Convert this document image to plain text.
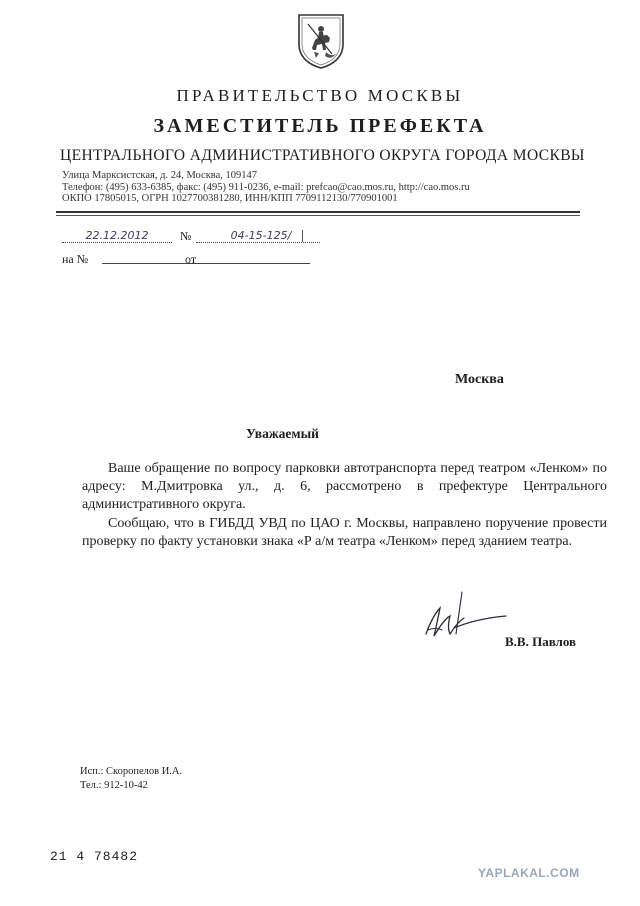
ПРАВИТЕЛЬСТВО МОСКВЫ
ЗАМЕСТИТЕЛЬ ПРЕФЕКТА
ЦЕНТРАЛЬНОГО АДМИНИСТРАТИВНОГО ОКРУГА ГОРОДА МОСКВЫ
Улица Марксистская, д. 24, Москва, 109147
Телефон: (495) 633-6385, факс: (495) 911-0236, e-mail: prefcao@cao.mos.ru, http://cao.mos.ru
ОКПО 17805015, ОГРН 1027700381280, ИНН/КПП 7709112130/770901001
22.12.2012	№	04-15-125/
на №	от
Москва
Уважаемый

Ваше обращение по вопросу парковки автотранспорта перед театром «Ленком» по адресу: М.Дмитровка ул., д. 6, рассмотрено в префектуре Центрального административного округа.

Сообщаю, что в ГИБДД УВД по ЦАО г. Москвы, направлено поручение провести проверку по факту установки знака «Р а/м театра «Ленком» перед зданием театра.

В.В. Павлов
Исп.: Скоропелов И.А.
Тел.: 912-10-42
21 4 78482
YAPLAKAL.COM
